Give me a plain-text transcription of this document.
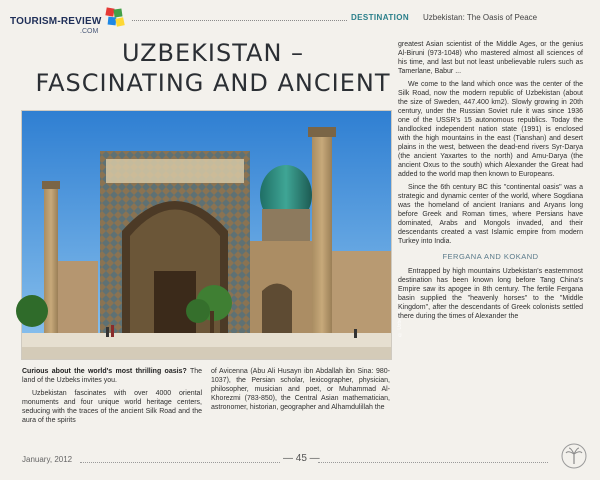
TOURISM-REVIEW
.COM
DESTINATION Uzbekistan: The Oasis of Peace
UZBEKISTAN –
FASCINATING AND ANCIENT
© Uzbekistan Tourism

Curious about the world's most thrilling oasis? The land of the Uzbeks invites you.

Uzbekistan fascinates with over 4000 oriental monuments and four unique world heritage centers, seducing with the traces of the ancient Silk Road and the aura of the spirits

of Avicenna (Abu Ali Husayn ibn Abdallah ibn Sina: 980-1037), the Persian scholar, lexicographer, physician, philosopher, musician and poet, or Muhammad Al-Khorezmi (783-850), the Central Asian mathematician, astronomer, historian, geographer and Alhamdulillah the

greatest Asian scientist of the Middle Ages, or the genius Al-Biruni (973-1048) who mastered almost all sciences of his time, and last but not least unbelievable rulers such as Tamerlane, Babur ...

We come to the land which once was the center of the Silk Road, now the modern republic of Uzbekistan (about the size of Sweden, 447.400 km2). Slowly growing in 20th century, under the Russian Soviet rule it was since 1936 one of the USSR's 15 autonomous republics. Today the landlocked independent nation state (1991) is enclosed with the high mountains in the east (Tianshan) and desert plains in the west, between the dead-end rivers Syr-Darya (the ancient Yaxartes to the north) and Amu-Darya (the ancient Oxus to the south) which Alexander the Great had added to the world map then known to Europeans.

Since the 6th century BC this "continental oasis" was a strategic and dynamic center of the world, where Sogdiana was the homeland of ancient Iranians and Aryans long before Greek and Roman times, where Persians have dominated, Arabs and Mongols invaded, and their descendants created a vast Islamic empire from modern Turkey into India.

FERGANA AND KOKAND

Entrapped by high mountains Uzbekistan's easternmost destination has been known long before Tang China's Empire saw its apogee in 8th century. The fertile Fergana basin supplied the "heavenly horses" to the "Middle Kingdom", after the descendants of Greek colonists settled there during the times of Alexander the

January, 2012	— 45 —
